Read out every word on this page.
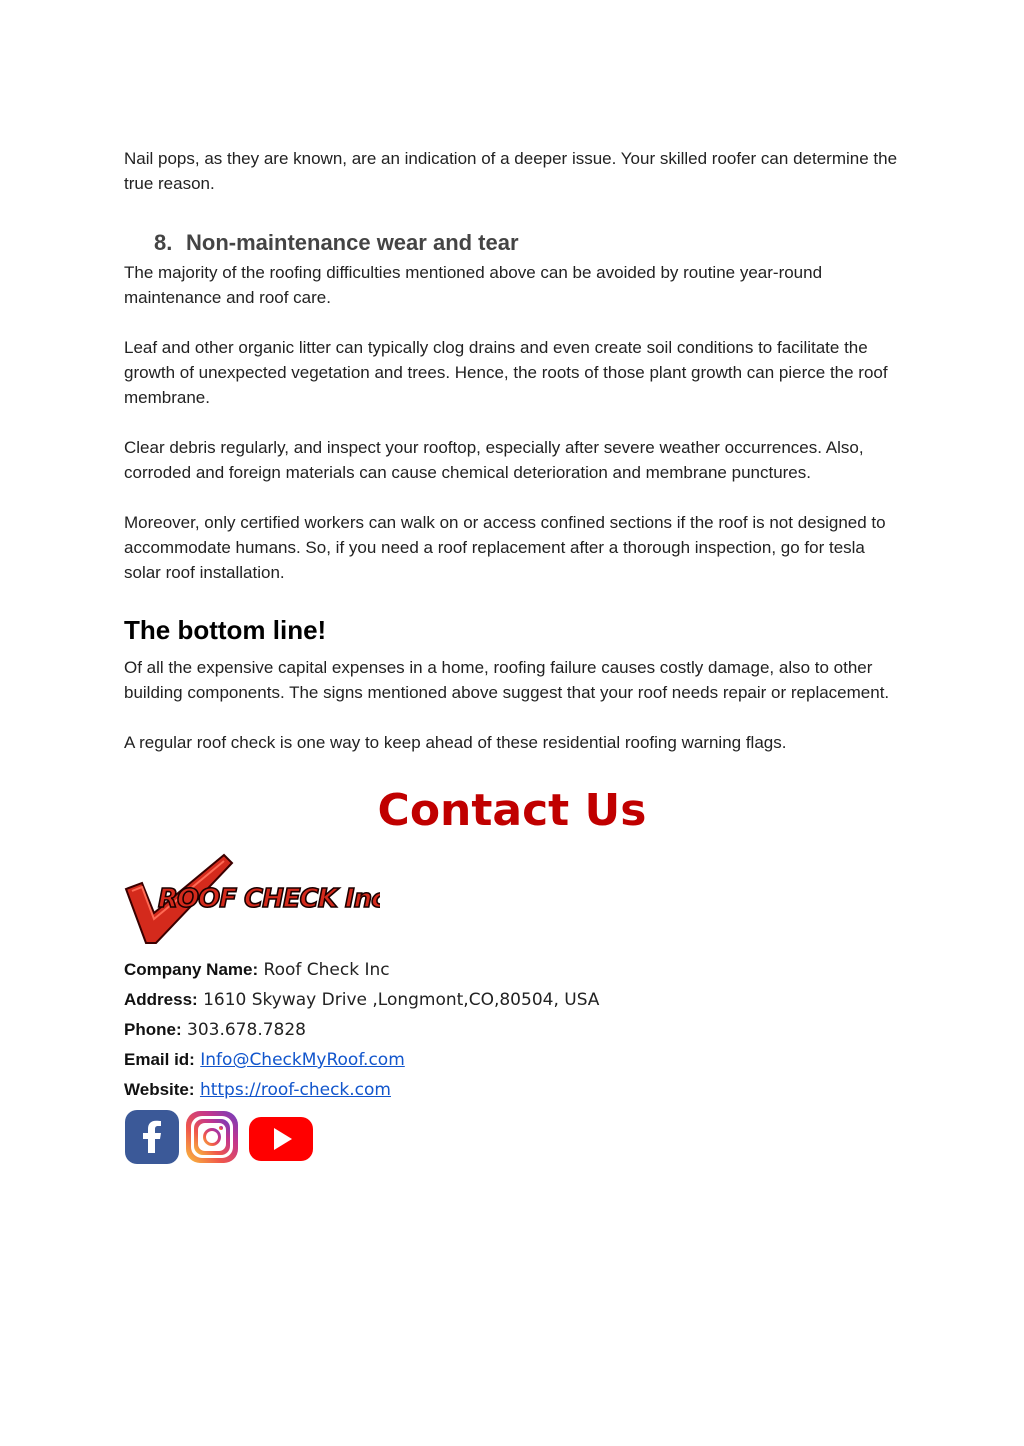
Nail pops, as they are known, are an indication of a deeper issue. Your skilled roofer can determine the true reason.

8. Non-maintenance wear and tear

The majority of the roofing difficulties mentioned above can be avoided by routine year-round maintenance and roof care.

Leaf and other organic litter can typically clog drains and even create soil conditions to facilitate the growth of unexpected vegetation and trees. Hence, the roots of those plant growth can pierce the roof membrane.

Clear debris regularly, and inspect your rooftop, especially after severe weather occurrences. Also, corroded and foreign materials can cause chemical deterioration and membrane punctures.

Moreover, only certified workers can walk on or access confined sections if the roof is not designed to accommodate humans. So, if you need a roof replacement after a thorough inspection, go for tesla solar roof installation.

The bottom line!

Of all the expensive capital expenses in a home, roofing failure causes costly damage, also to other building components. The signs mentioned above suggest that your roof needs repair or replacement.

A regular roof check is one way to keep ahead of these residential roofing warning flags.

Contact Us
ROOF CHECK Inc.

Company Name: Roof Check Inc

Address: 1610 Skyway Drive ,Longmont,CO,80504, USA

Phone: 303.678.7828

Email id: Info@CheckMyRoof.com

Website: https://roof-check.com
